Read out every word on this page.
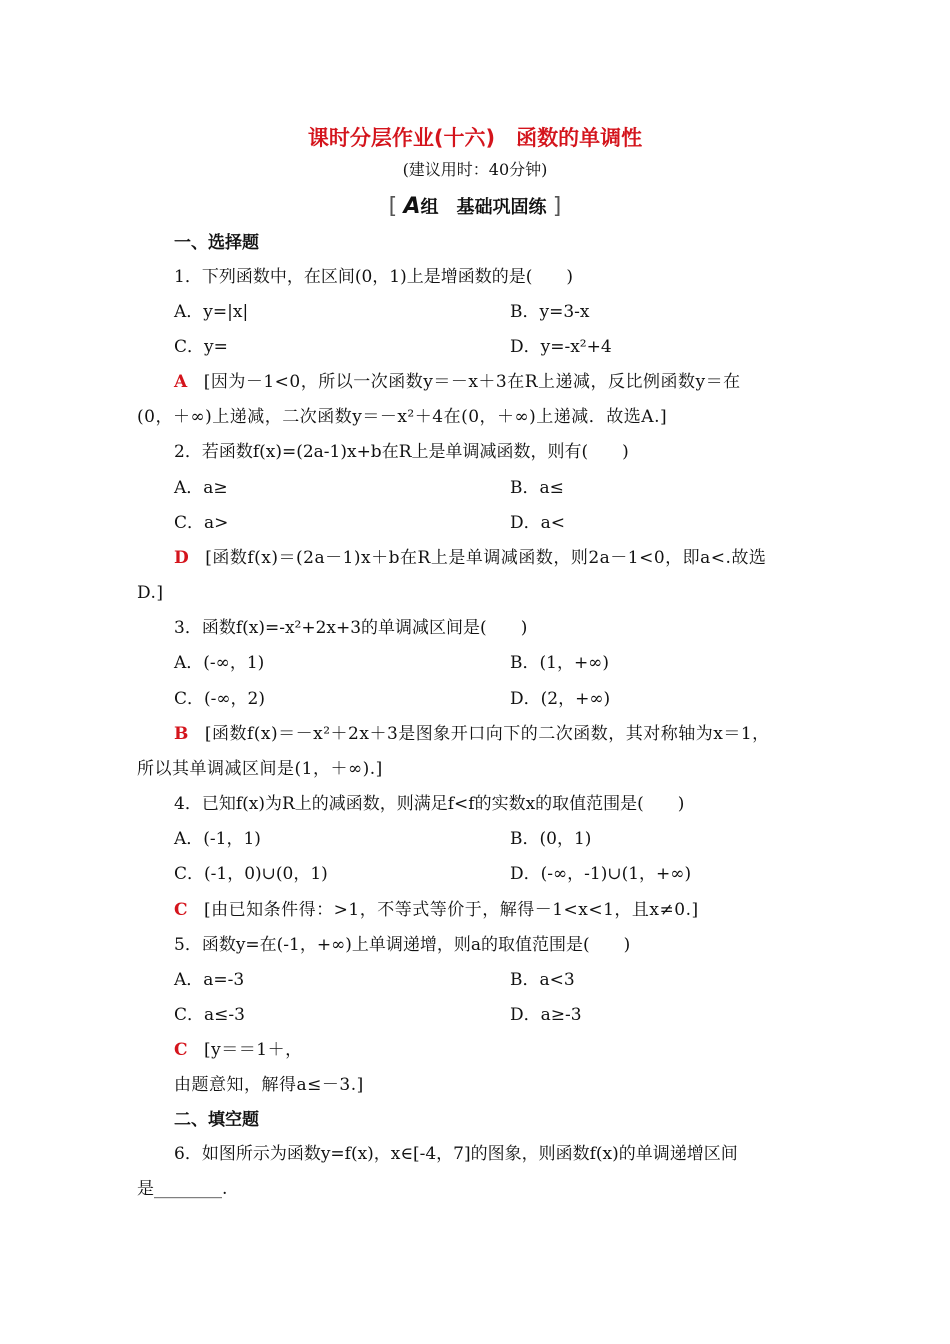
课时分层作业(十六)　函数的单调性
(建议用时：40分钟)
[ A组　基础巩固练 ]
一、选择题
1．下列函数中，在区间(0，1)上是增函数的是(　　)
A．y=|x|	B．y=3-x
C．y=	D．y=-x²+4
A [因为－1<0，所以一次函数y＝－x＋3在R上递减，反比例函数y＝在
(0，＋∞)上递减，二次函数y＝－x²＋4在(0，＋∞)上递减．故选A.]
2．若函数f(x)=(2a-1)x+b在R上是单调减函数，则有(　　)
A．a≥	B．a≤
C．a>	D．a<
D [函数f(x)＝(2a－1)x＋b在R上是单调减函数，则2a－1<0，即a<.故选
D.]
3．函数f(x)=-x²+2x+3的单调减区间是(　　)
A．(-∞，1)	B．(1，+∞)
C．(-∞，2)	D．(2，+∞)
B [函数f(x)＝－x²＋2x＋3是图象开口向下的二次函数，其对称轴为x＝1，
所以其单调减区间是(1，＋∞).]
4．已知f(x)为R上的减函数，则满足f<f的实数x的取值范围是(　　)
A．(-1，1)	B．(0，1)
C．(-1，0)∪(0，1)	D．(-∞，-1)∪(1，+∞)
C [由已知条件得：>1，不等式等价于，解得－1<x<1，且x≠0.]
5．函数y=在(-1，+∞)上单调递增，则a的取值范围是(　　)
A．a=-3	B．a<3
C．a≤-3	D．a≥-3
C [y＝＝1＋，
由题意知，解得a≤－3.]
二、填空题
6．如图所示为函数y=f(x)，x∈[-4，7]的图象，则函数f(x)的单调递增区间
是________.
